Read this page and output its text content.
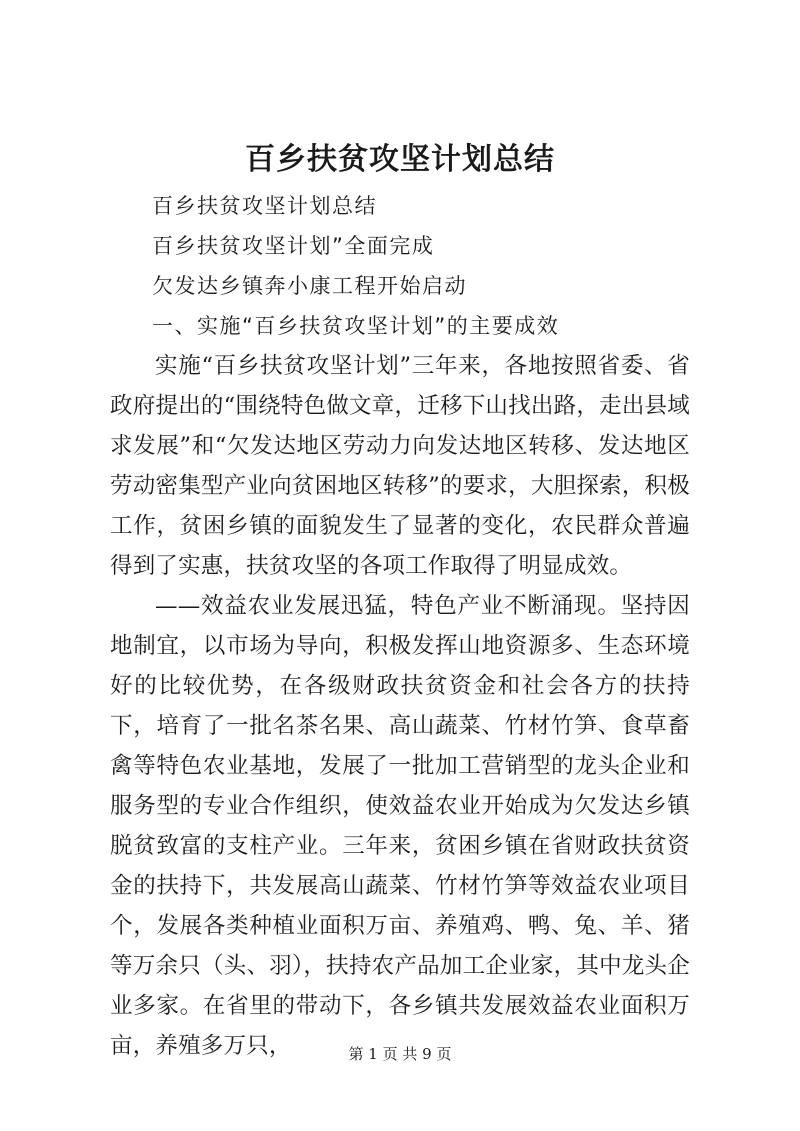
百乡扶贫攻坚计划总结

百乡扶贫攻坚计划总结

百乡扶贫攻坚计划”全面完成

欠发达乡镇奔小康工程开始启动

一、实施“百乡扶贫攻坚计划”的主要成效

实施“百乡扶贫攻坚计划”三年来，各地按照省委、省政府提出的“围绕特色做文章，迁移下山找出路，走出县域求发展”和“欠发达地区劳动力向发达地区转移、发达地区劳动密集型产业向贫困地区转移”的要求，大胆探索，积极工作，贫困乡镇的面貌发生了显著的变化，农民群众普遍得到了实惠，扶贫攻坚的各项工作取得了明显成效。

——效益农业发展迅猛，特色产业不断涌现。坚持因地制宜，以市场为导向，积极发挥山地资源多、生态环境好的比较优势，在各级财政扶贫资金和社会各方的扶持下，培育了一批名茶名果、高山蔬菜、竹材竹笋、食草畜禽等特色农业基地，发展了一批加工营销型的龙头企业和服务型的专业合作组织，使效益农业开始成为欠发达乡镇脱贫致富的支柱产业。三年来，贫困乡镇在省财政扶贫资金的扶持下，共发展高山蔬菜、竹材竹笋等效益农业项目个，发展各类种植业面积万亩、养殖鸡、鸭、兔、羊、猪等万余只（头、羽），扶持农产品加工企业家，其中龙头企业多家。在省里的带动下，各乡镇共发展效益农业面积万亩，养殖多万只，	第 1 页 共 9 页
